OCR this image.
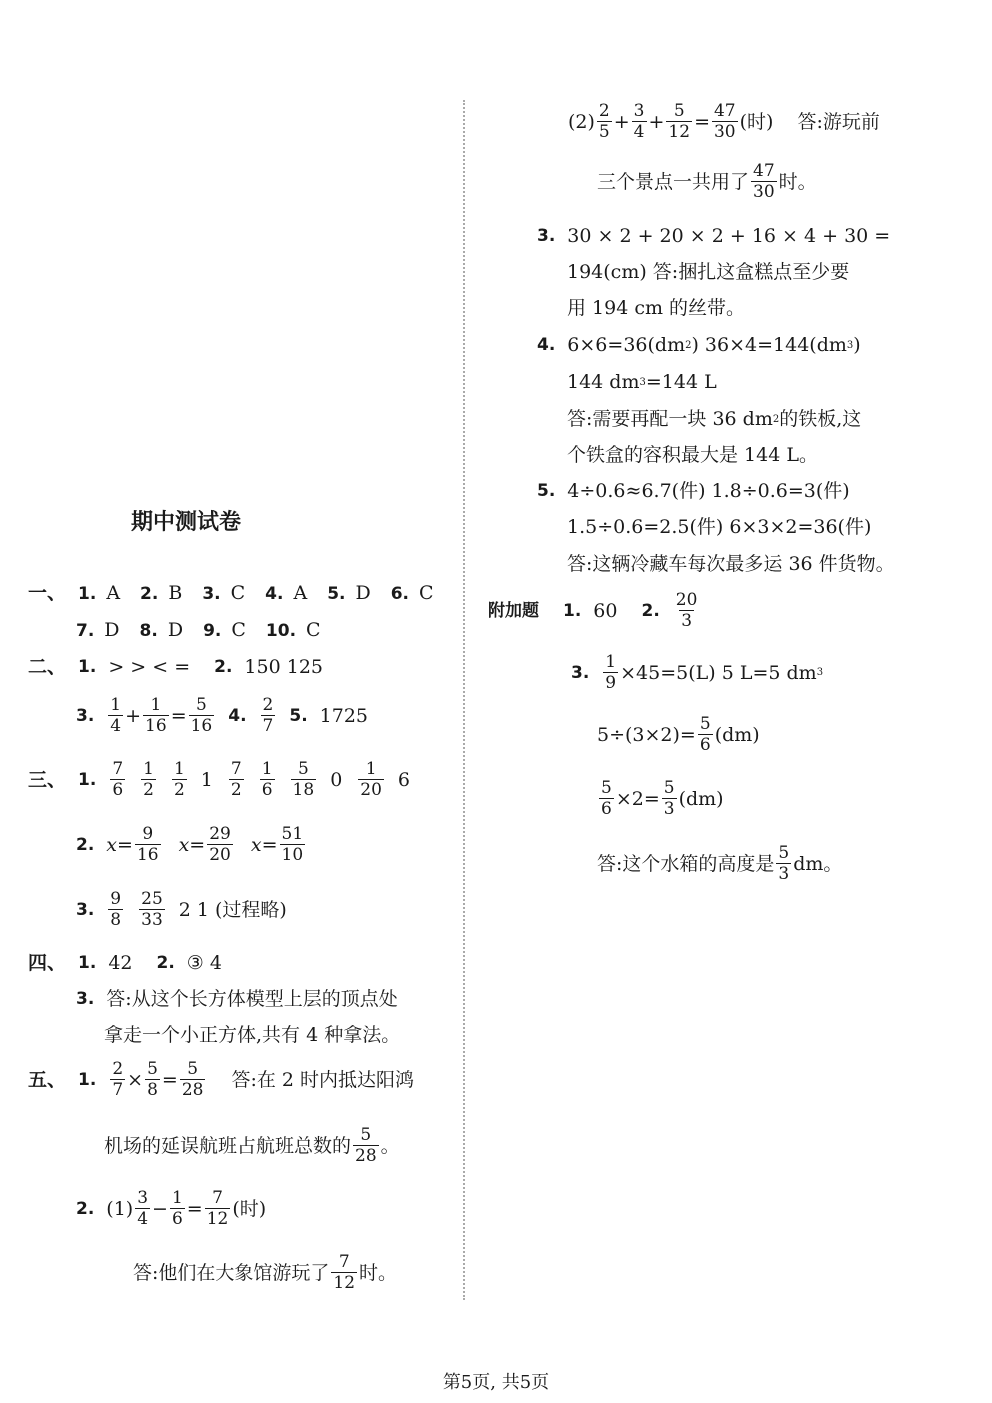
$(2) \frac{2}{5} + \frac{3}{4} + \frac{5}{12} = \frac{47}{30}$ (时) 答:游玩前
三个景点一共用了 $\frac{47}{30}$ 时。
3. 30 × 2 + 20 × 2 + 16 × 4 + 30 =
194(cm) 答:捆扎这盒糕点至少要
用 194 cm 的丝带。
4. 6×6=36(dm 2 ) 36×4=144(dm 3 )
144 dm 3 =144 L
答:需要再配一块 36 dm 2 的铁板,这
个铁盒的容积最大是 144 L。
5. 4÷0.6≈6.7(件) 1.8÷0.6=3(件)
1.5÷0.6=2.5(件) 6×3×2=36(件)
答:这辆冷藏车每次最多运 36 件货物。
附加题 1. 60 2. $\frac{20}{3}$
3. $\frac{1}{9} \times 45=5(L)$ 5 L=5 dm 3
$5\div(3\times 2)= \frac{5}{6} (dm)$
$\frac{5}{6} \times 2= \frac{5}{3} (dm)$
答:这个水箱的高度是 $\frac{5}{3}$ dm。
期中测试卷
一、 1. A 2. B 3. C 4. A 5. D 6. C
7. D 8. D 9. C 10. C
二、 1. > > < = 2. 150 125
3. $\frac{1}{4} + \frac{1}{16} = \frac{5}{16} 4$. $\frac{2}{7} 5$. 1725
三、 1. $\frac{7}{6} \frac{1}{2} \frac{1}{2} 1 \frac{7}{2} \frac{1}{6} \frac{5}{18} 0 \frac{1}{20} 6$
2. $x = \frac{9}{16}$ $x = \frac{29}{20}$ $x = \frac{51}{10}$
3. $\frac{9}{8} \frac{25}{33} 2$ 1 (过程略)
四、 1. 42 2. ③ 4
3. 答:从这个长方体模型上层的顶点处
拿走一个小正方体,共有 4 种拿法。
五、 1. $\frac{2}{7} \times \frac{5}{8} = \frac{5}{28}$ 答:在 2 时内抵达阳鸿
机场的延误航班占航班总数的 $\frac{5}{28}$ 。
2. $(1) \frac{3}{4} - \frac{1}{6} = \frac{7}{12}$ (时)
答:他们在大象馆游玩了 $\frac{7}{12}$ 时。
第5页, 共5页
